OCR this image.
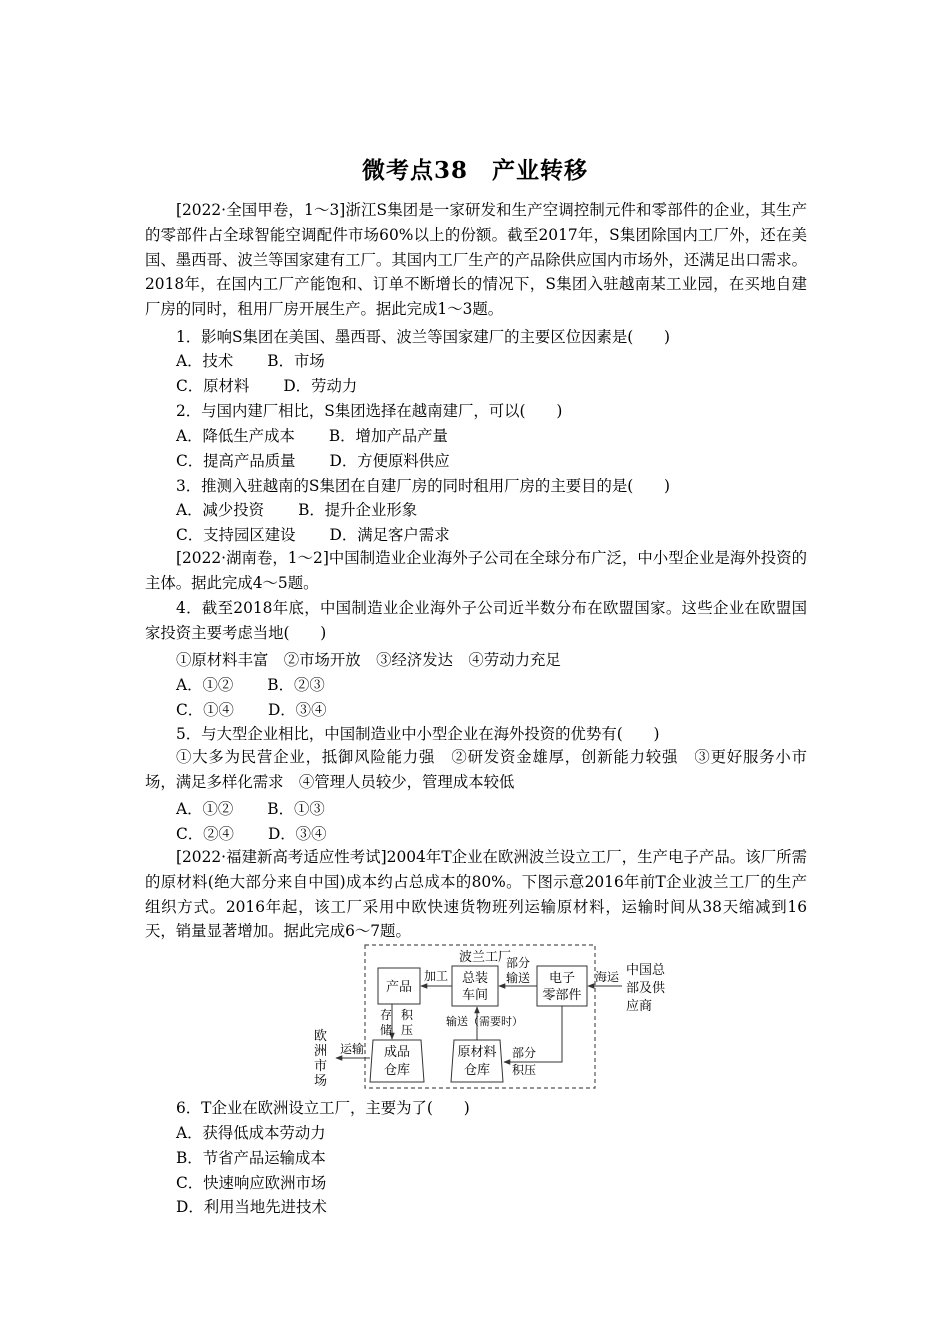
微考点38　产业转移
[2022·全国甲卷，1～3]浙江S集团是一家研发和生产空调控制元件和零部件的企业，其生产的零部件占全球智能空调配件市场60%以上的份额。截至2017年，S集团除国内工厂外，还在美国、墨西哥、波兰等国家建有工厂。其国内工厂生产的产品除供应国内市场外，还满足出口需求。2018年，在国内工厂产能饱和、订单不断增长的情况下，S集团入驻越南某工业园，在买地自建厂房的同时，租用厂房开展生产。据此完成1～3题。
1．影响S集团在美国、墨西哥、波兰等国家建厂的主要区位因素是(　　)
A．技术 B．市场
C．原材料 D．劳动力
2．与国内建厂相比，S集团选择在越南建厂，可以(　　)
A．降低生产成本 B．增加产品产量
C．提高产品质量 D．方便原料供应
3．推测入驻越南的S集团在自建厂房的同时租用厂房的主要目的是(　　)
A．减少投资 B．提升企业形象
C．支持园区建设 D．满足客户需求
[2022·湖南卷，1～2]中国制造业企业海外子公司在全球分布广泛，中小型企业是海外投资的主体。据此完成4～5题。
4．截至2018年底，中国制造业企业海外子公司近半数分布在欧盟国家。这些企业在欧盟国家投资主要考虑当地(　　)
①原材料丰富　②市场开放　③经济发达　④劳动力充足
A．①② B．②③
C．①④ D．③④
5．与大型企业相比，中国制造业中小型企业在海外投资的优势有(　　)
①大多为民营企业，抵御风险能力强　②研发资金雄厚，创新能力较强　③更好服务小市场，满足多样化需求　④管理人员较少，管理成本较低
A．①② B．①③
C．②④ D．③④
[2022·福建新高考适应性考试]2004年T企业在欧洲波兰设立工厂，生产电子产品。该厂所需的原材料(绝大部分来自中国)成本约占总成本的80%。下图示意2016年前T企业波兰工厂的生产组织方式。2016年起，该工厂采用中欧快速货物班列运输原材料，运输时间从38天缩减到16天，销量显著增加。据此完成6～7题。
波兰工厂
产品
总装
车间
电子
零部件
成品
仓库
原材料
仓库
中国总
部及供
应商
欧
洲
市
场
加工
部分
输送	海运
存
储
积
压
输送（需要时）
部分
积压
运输
6．T企业在欧洲设立工厂，主要为了(　　)
A．获得低成本劳动力
B．节省产品运输成本
C．快速响应欧洲市场
D．利用当地先进技术
